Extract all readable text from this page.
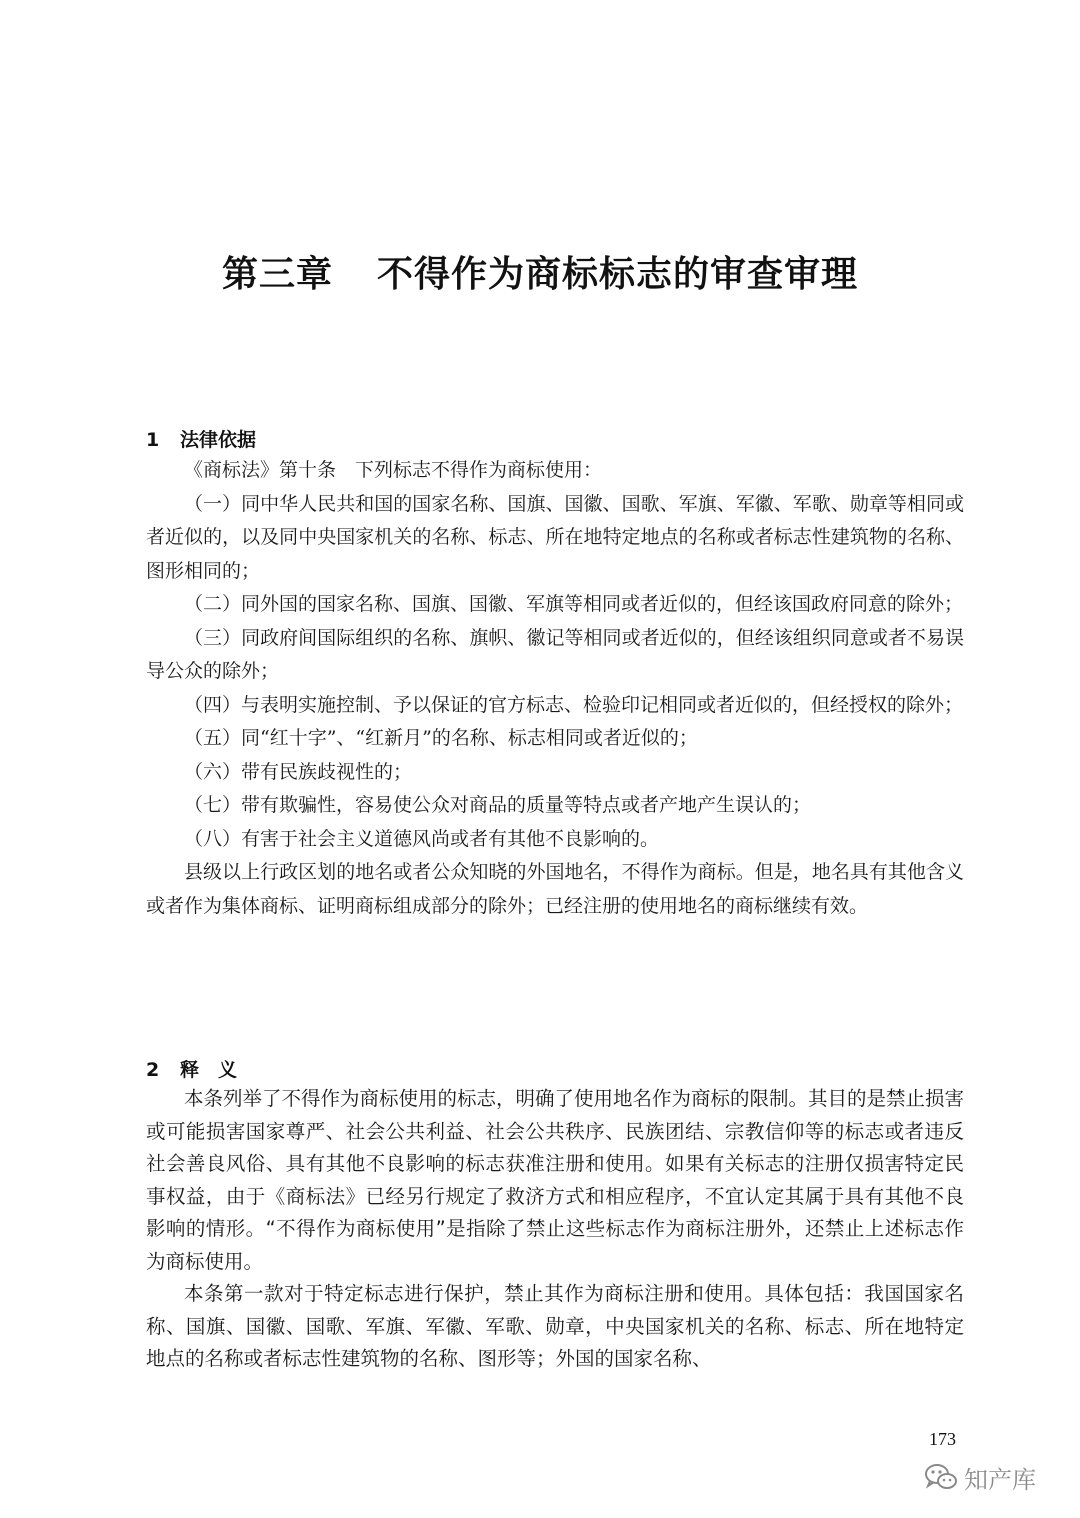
第三章 不得作为商标标志的审查审理
1 法律依据

《商标法》第十条　下列标志不得作为商标使用：

（一）同中华人民共和国的国家名称、国旗、国徽、国歌、军旗、军徽、军歌、勋章等相同或者近似的，以及同中央国家机关的名称、标志、所在地特定地点的名称或者标志性建筑物的名称、图形相同的；

（二）同外国的国家名称、国旗、国徽、军旗等相同或者近似的，但经该国政府同意的除外；

（三）同政府间国际组织的名称、旗帜、徽记等相同或者近似的，但经该组织同意或者不易误导公众的除外；

（四）与表明实施控制、予以保证的官方标志、检验印记相同或者近似的，但经授权的除外；

（五）同“红十字”、“红新月”的名称、标志相同或者近似的；

（六）带有民族歧视性的；

（七）带有欺骗性，容易使公众对商品的质量等特点或者产地产生误认的；

（八）有害于社会主义道德风尚或者有其他不良影响的。

县级以上行政区划的地名或者公众知晓的外国地名，不得作为商标。但是，地名具有其他含义或者作为集体商标、证明商标组成部分的除外；已经注册的使用地名的商标继续有效。

2 释　义

本条列举了不得作为商标使用的标志，明确了使用地名作为商标的限制。其目的是禁止损害或可能损害国家尊严、社会公共利益、社会公共秩序、民族团结、宗教信仰等的标志或者违反社会善良风俗、具有其他不良影响的标志获准注册和使用。如果有关标志的注册仅损害特定民事权益，由于《商标法》已经另行规定了救济方式和相应程序，不宜认定其属于具有其他不良影响的情形。“不得作为商标使用”是指除了禁止这些标志作为商标注册外，还禁止上述标志作为商标使用。

本条第一款对于特定标志进行保护，禁止其作为商标注册和使用。具体包括：我国国家名称、国旗、国徽、国歌、军旗、军徽、军歌、勋章，中央国家机关的名称、标志、所在地特定地点的名称或者标志性建筑物的名称、图形等；外国的国家名称、

173
知产库
